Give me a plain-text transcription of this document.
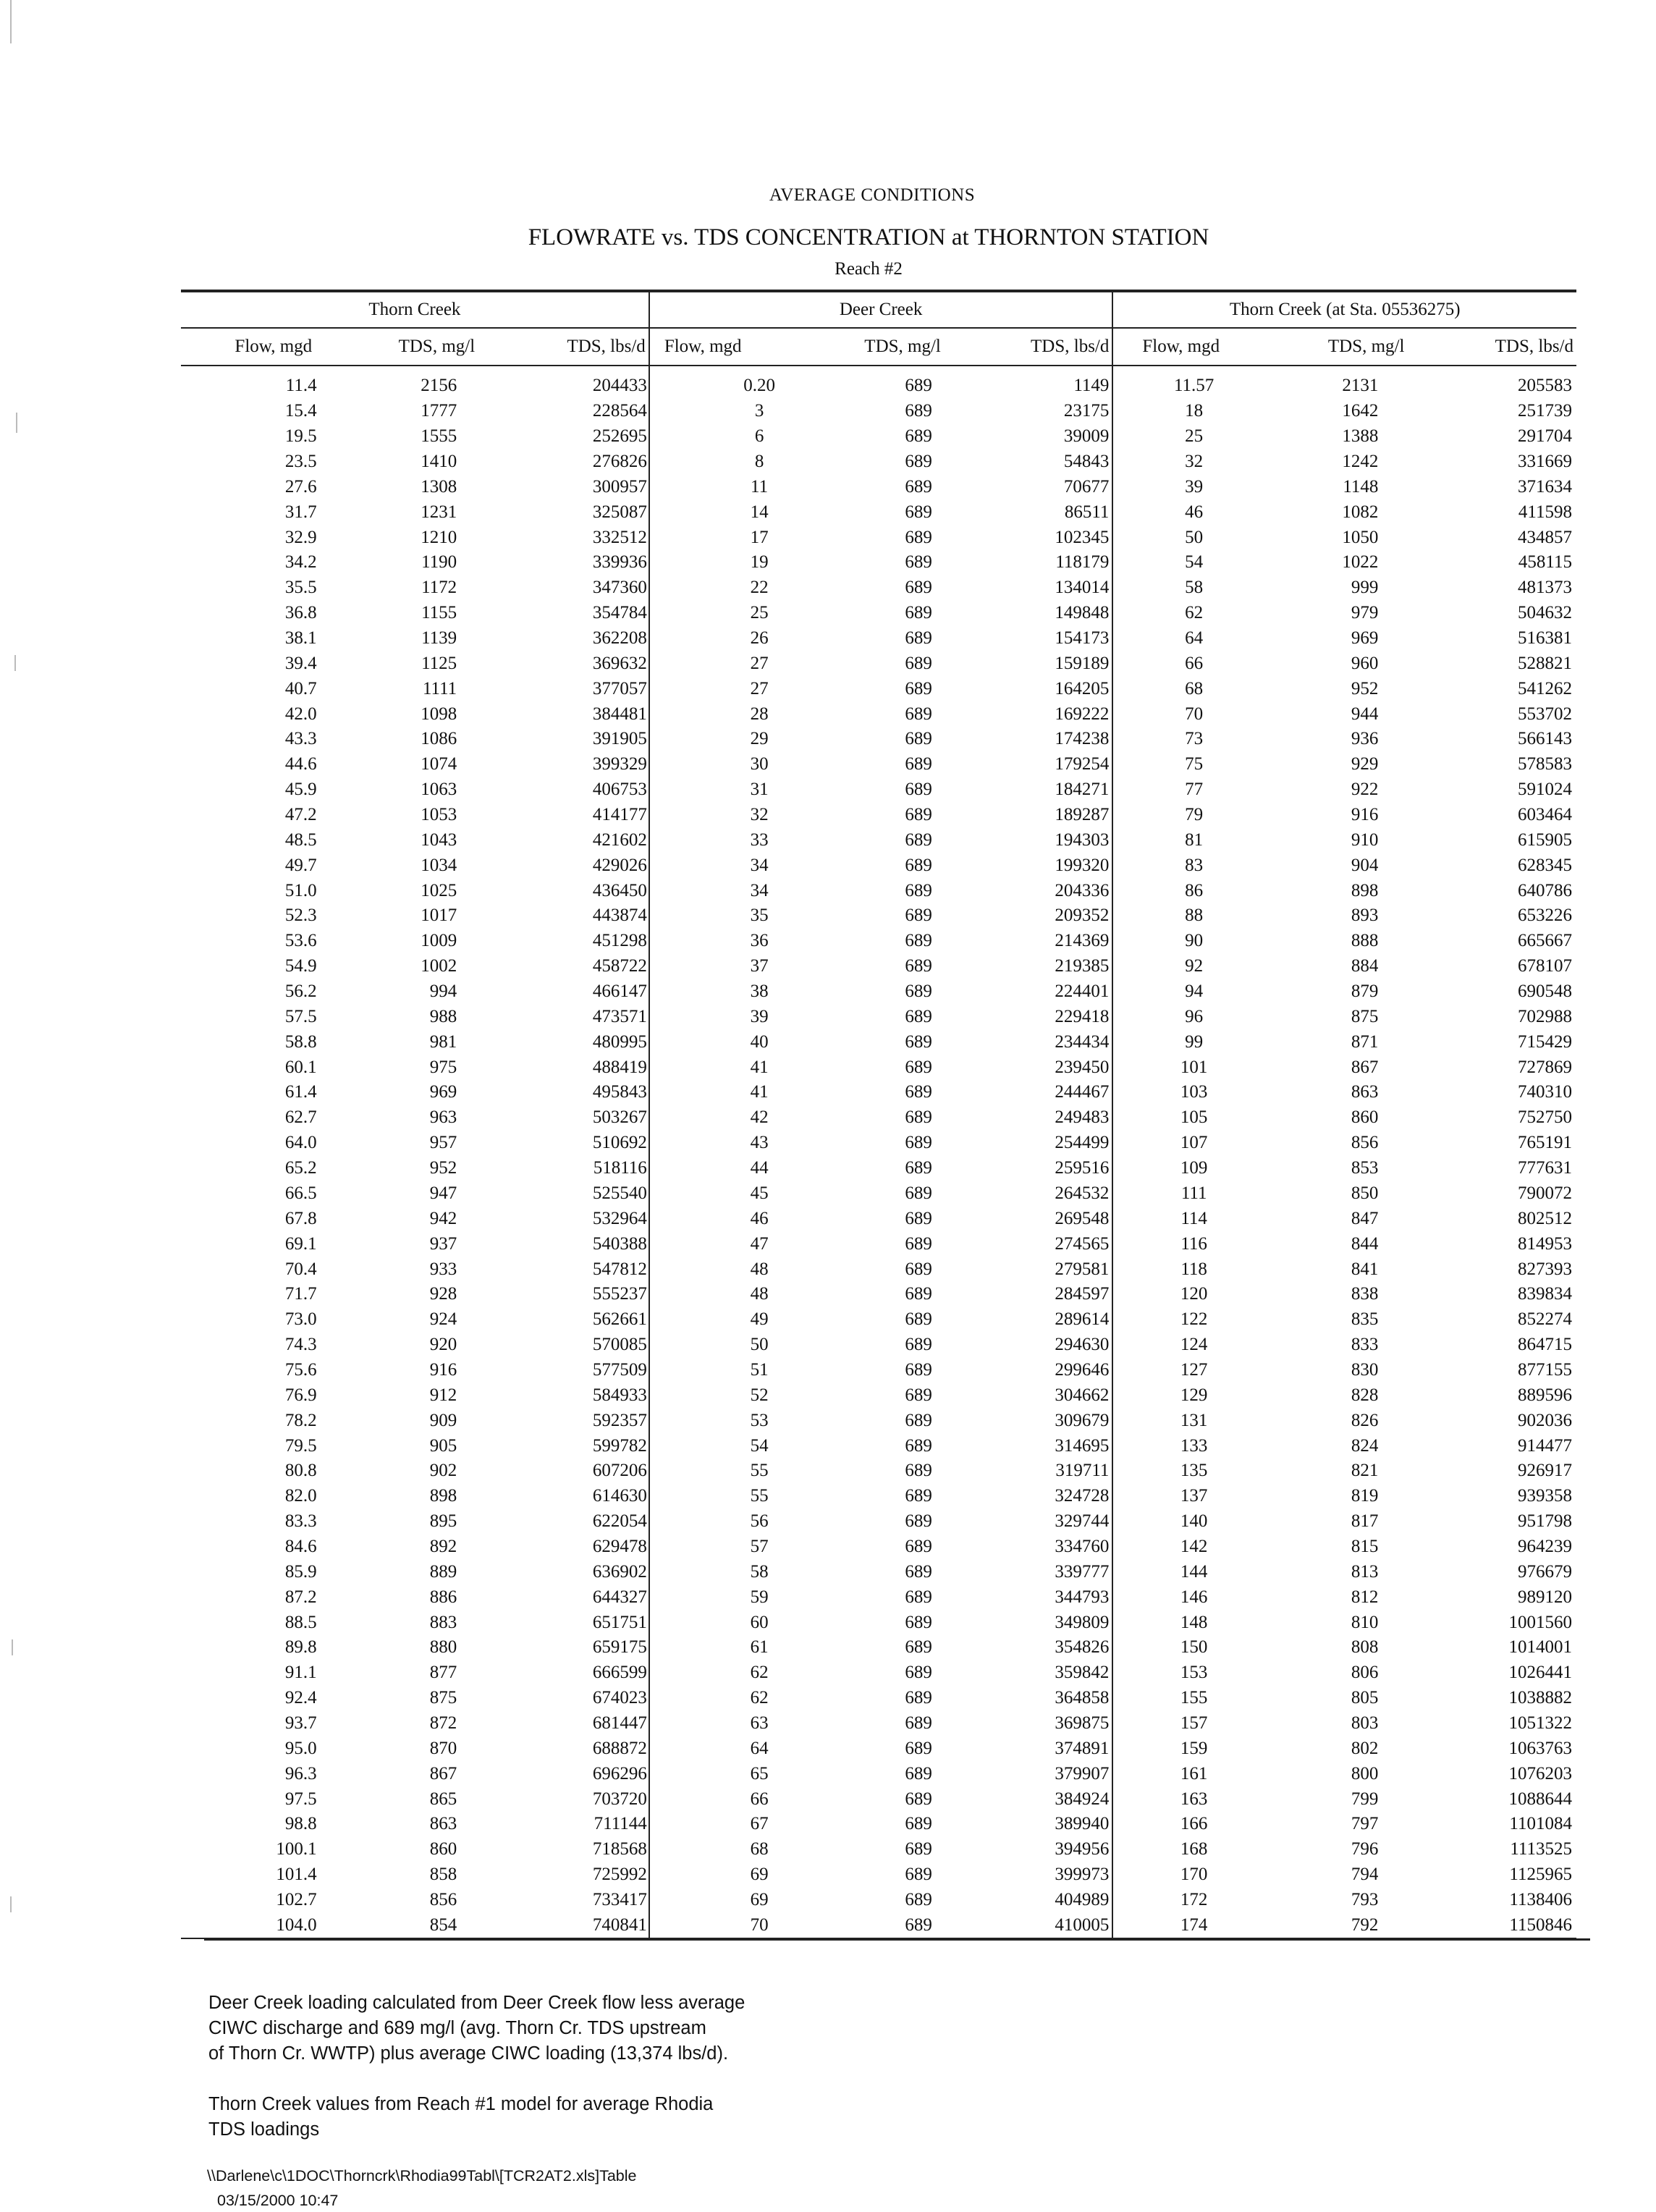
AVERAGE CONDITIONS
FLOWRATE vs. TDS CONCENTRATION at THORNTON STATION
Reach #2
Thorn Creek			Deer Creek			Thorn Creek (at Sta. 05536275)		
Flow, mgd	TDS, mg/l	TDS, lbs/d	Flow, mgd	TDS, mg/l	TDS, lbs/d	Flow, mgd	TDS, mg/l	TDS, lbs/d

11.4	2156	204433	0.20	689	1149	11.57	2131	205583
15.4	1777	228564	3	689	23175	18	1642	251739
19.5	1555	252695	6	689	39009	25	1388	291704
23.5	1410	276826	8	689	54843	32	1242	331669
27.6	1308	300957	11	689	70677	39	1148	371634
31.7	1231	325087	14	689	86511	46	1082	411598
32.9	1210	332512	17	689	102345	50	1050	434857
34.2	1190	339936	19	689	118179	54	1022	458115
35.5	1172	347360	22	689	134014	58	999	481373
36.8	1155	354784	25	689	149848	62	979	504632
38.1	1139	362208	26	689	154173	64	969	516381
39.4	1125	369632	27	689	159189	66	960	528821
40.7	1111	377057	27	689	164205	68	952	541262
42.0	1098	384481	28	689	169222	70	944	553702
43.3	1086	391905	29	689	174238	73	936	566143
44.6	1074	399329	30	689	179254	75	929	578583
45.9	1063	406753	31	689	184271	77	922	591024
47.2	1053	414177	32	689	189287	79	916	603464
48.5	1043	421602	33	689	194303	81	910	615905
49.7	1034	429026	34	689	199320	83	904	628345
51.0	1025	436450	34	689	204336	86	898	640786
52.3	1017	443874	35	689	209352	88	893	653226
53.6	1009	451298	36	689	214369	90	888	665667
54.9	1002	458722	37	689	219385	92	884	678107
56.2	994	466147	38	689	224401	94	879	690548
57.5	988	473571	39	689	229418	96	875	702988
58.8	981	480995	40	689	234434	99	871	715429
60.1	975	488419	41	689	239450	101	867	727869
61.4	969	495843	41	689	244467	103	863	740310
62.7	963	503267	42	689	249483	105	860	752750
64.0	957	510692	43	689	254499	107	856	765191
65.2	952	518116	44	689	259516	109	853	777631
66.5	947	525540	45	689	264532	111	850	790072
67.8	942	532964	46	689	269548	114	847	802512
69.1	937	540388	47	689	274565	116	844	814953
70.4	933	547812	48	689	279581	118	841	827393
71.7	928	555237	48	689	284597	120	838	839834
73.0	924	562661	49	689	289614	122	835	852274
74.3	920	570085	50	689	294630	124	833	864715
75.6	916	577509	51	689	299646	127	830	877155
76.9	912	584933	52	689	304662	129	828	889596
78.2	909	592357	53	689	309679	131	826	902036
79.5	905	599782	54	689	314695	133	824	914477
80.8	902	607206	55	689	319711	135	821	926917
82.0	898	614630	55	689	324728	137	819	939358
83.3	895	622054	56	689	329744	140	817	951798
84.6	892	629478	57	689	334760	142	815	964239
85.9	889	636902	58	689	339777	144	813	976679
87.2	886	644327	59	689	344793	146	812	989120
88.5	883	651751	60	689	349809	148	810	1001560
89.8	880	659175	61	689	354826	150	808	1014001
91.1	877	666599	62	689	359842	153	806	1026441
92.4	875	674023	62	689	364858	155	805	1038882
93.7	872	681447	63	689	369875	157	803	1051322
95.0	870	688872	64	689	374891	159	802	1063763
96.3	867	696296	65	689	379907	161	800	1076203
97.5	865	703720	66	689	384924	163	799	1088644
98.8	863	711144	67	689	389940	166	797	1101084
100.1	860	718568	68	689	394956	168	796	1113525
101.4	858	725992	69	689	399973	170	794	1125965
102.7	856	733417	69	689	404989	172	793	1138406
104.0	854	740841	70	689	410005	174	792	1150846
Deer Creek loading calculated from Deer Creek flow less average
CIWC discharge and 689 mg/l (avg. Thorn Cr. TDS upstream
of Thorn Cr. WWTP) plus average CIWC loading (13,374 lbs/d).
Thorn Creek values from Reach #1 model for average Rhodia
TDS loadings
\\Darlene\c\1DOC\Thorncrk\Rhodia99Tabl\[TCR2AT2.xls]Table
03/15/2000 10:47
